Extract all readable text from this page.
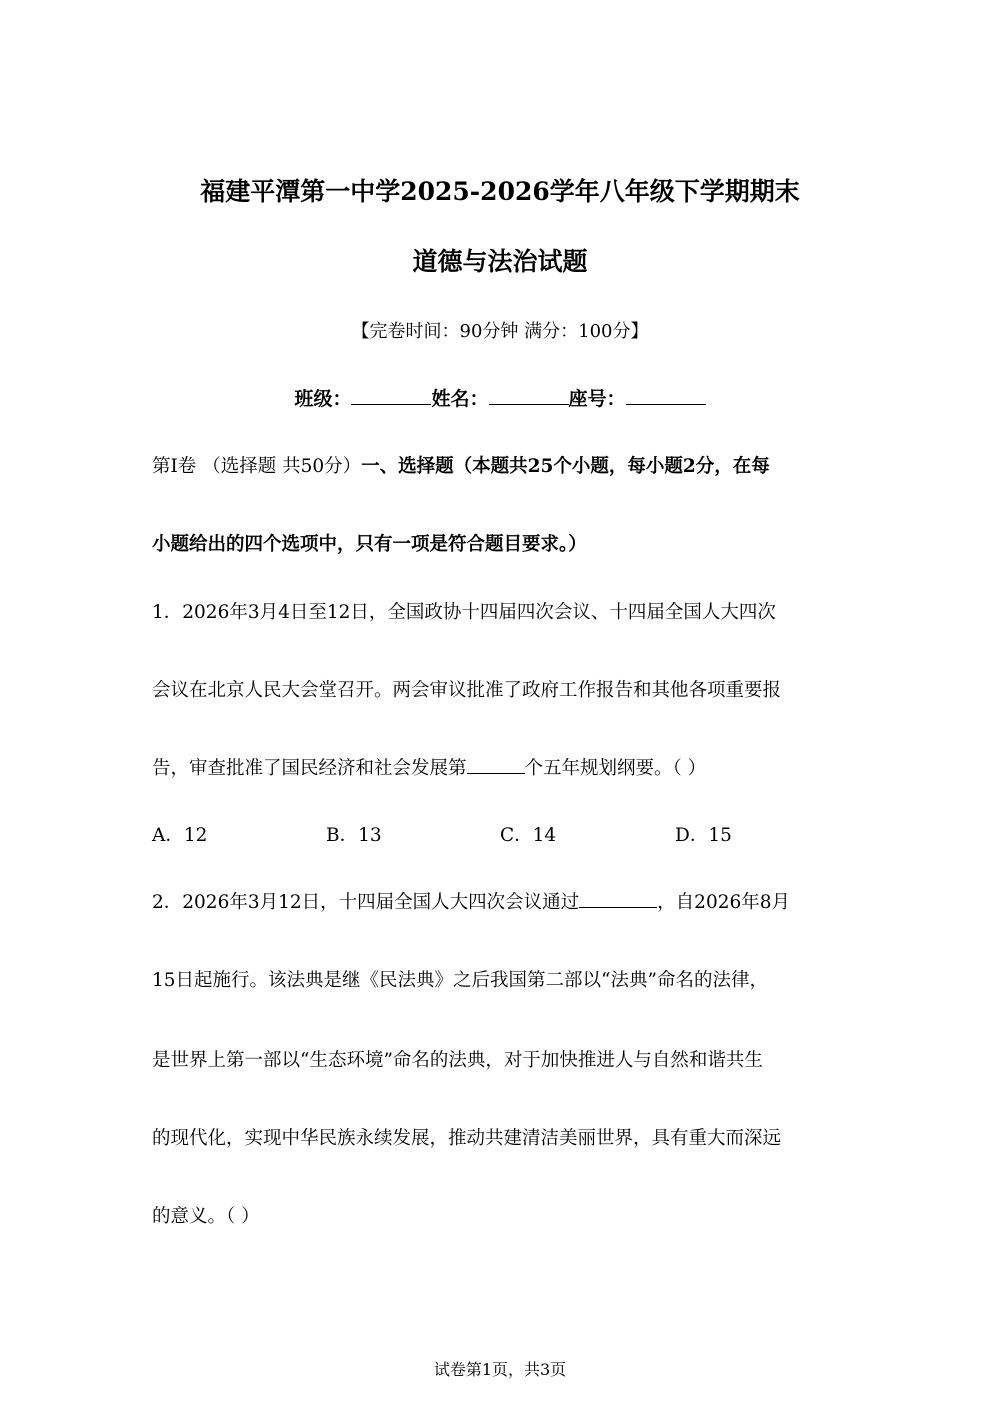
福建平潭第一中学2025-2026学年八年级下学期期末
道德与法治试题
【完卷时间：90分钟 满分：100分】
班级：	姓名：	座号：
第I卷 （选择题 共50分）一、选择题（本题共25个小题，每小题2分，在每
小题给出的四个选项中，只有一项是符合题目要求。）
1．2026年3月4日至12日，全国政协十四届四次会议、十四届全国人大四次
会议在北京人民大会堂召开。两会审议批准了政府工作报告和其他各项重要报
告，审查批准了国民经济和社会发展第	个五年规划纲要。（ ）
A．12	B．13	C．14	D．15
2．2026年3月12日，十四届全国人大四次会议通过	，自2026年8月
15日起施行。该法典是继《民法典》之后我国第二部以“法典”命名的法律，
是世界上第一部以“生态环境”命名的法典，对于加快推进人与自然和谐共生
的现代化，实现中华民族永续发展，推动共建清洁美丽世界，具有重大而深远
的意义。（ ）
试卷第1页，共3页
